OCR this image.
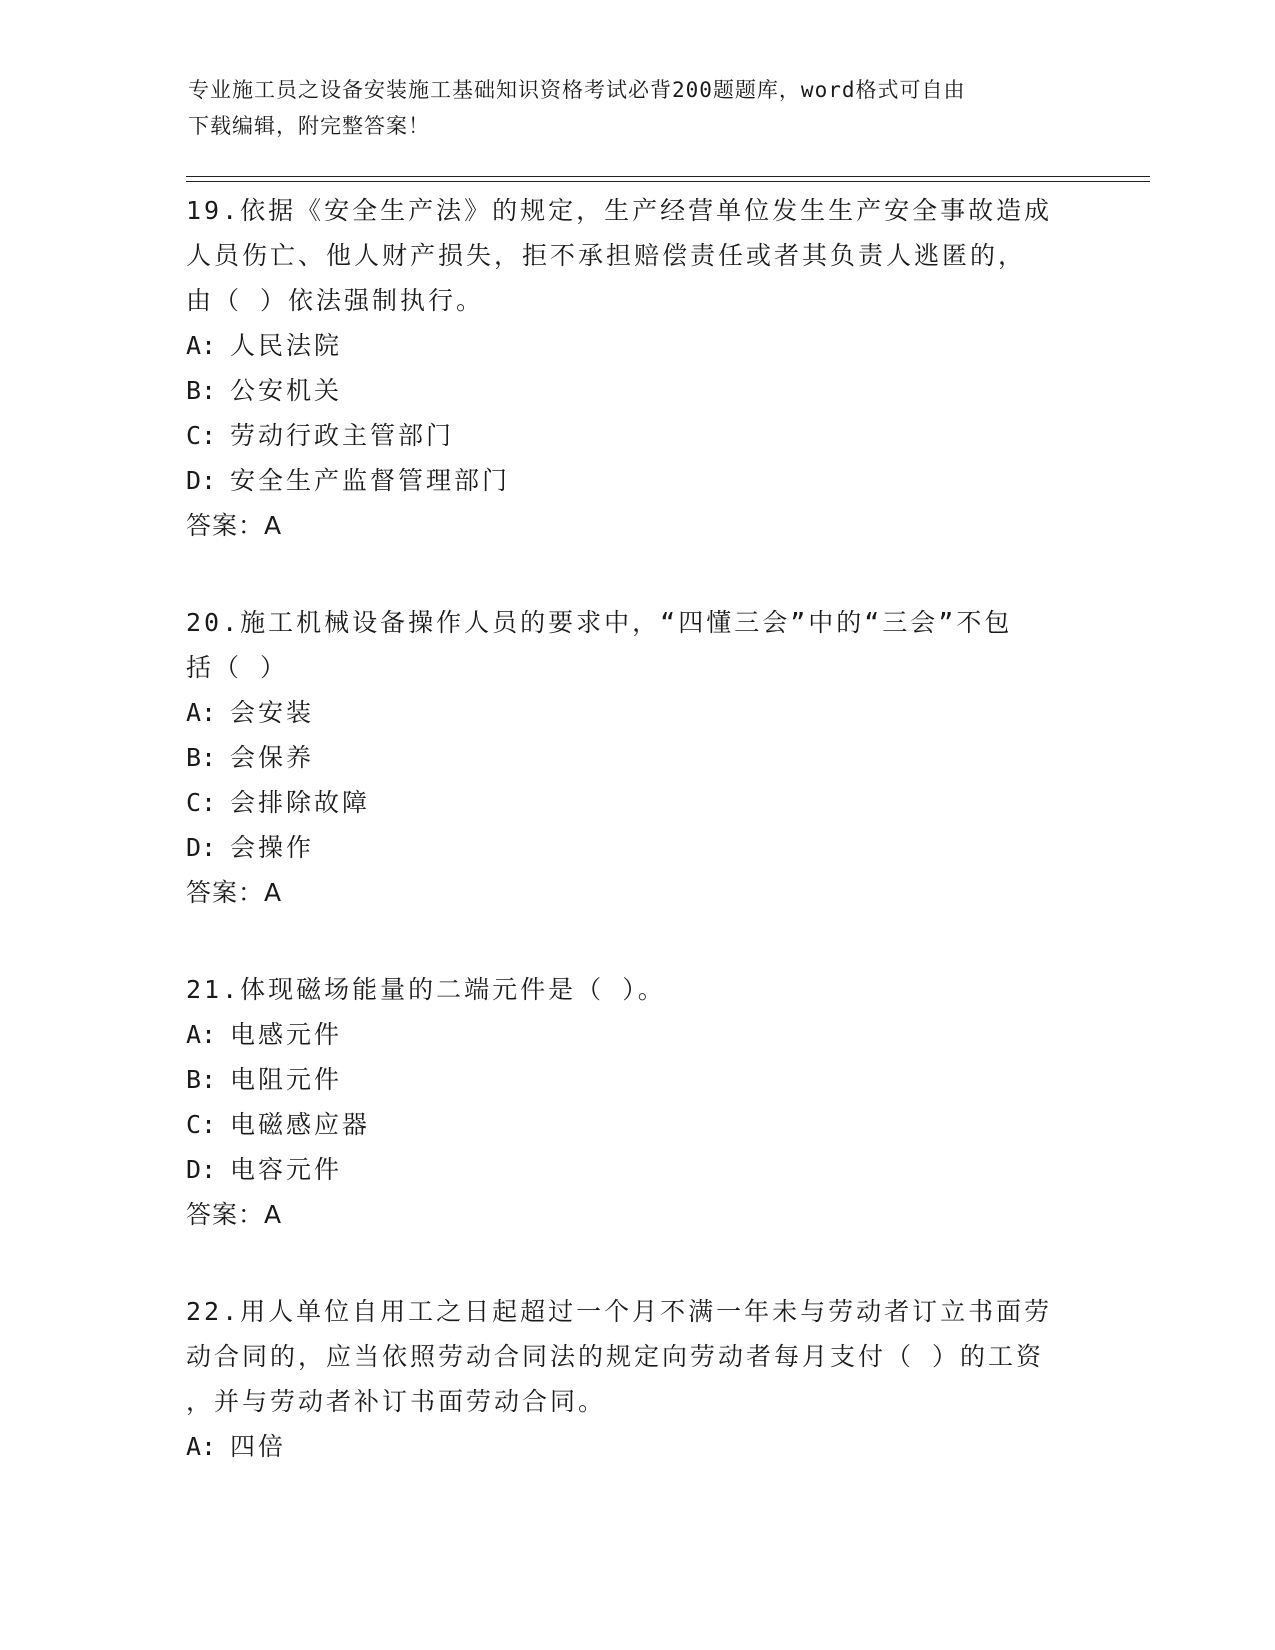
专业施工员之设备安装施工基础知识资格考试必背200题题库，word格式可自由
下载编辑，附完整答案！
19.依据《安全生产法》的规定，生产经营单位发生生产安全事故造成
人员伤亡、他人财产损失，拒不承担赔偿责任或者其负责人逃匿的，
由（ ）依法强制执行。
A: 人民法院
B: 公安机关
C: 劳动行政主管部门
D: 安全生产监督管理部门
答案：A
20.施工机械设备操作人员的要求中，“四懂三会”中的“三会”不包
括（ ）
A: 会安装
B: 会保养
C: 会排除故障
D: 会操作
答案：A
21.体现磁场能量的二端元件是（ ）。
A: 电感元件
B: 电阻元件
C: 电磁感应器
D: 电容元件
答案：A
22.用人单位自用工之日起超过一个月不满一年未与劳动者订立书面劳
动合同的，应当依照劳动合同法的规定向劳动者每月支付（ ）的工资
，并与劳动者补订书面劳动合同。
A: 四倍
